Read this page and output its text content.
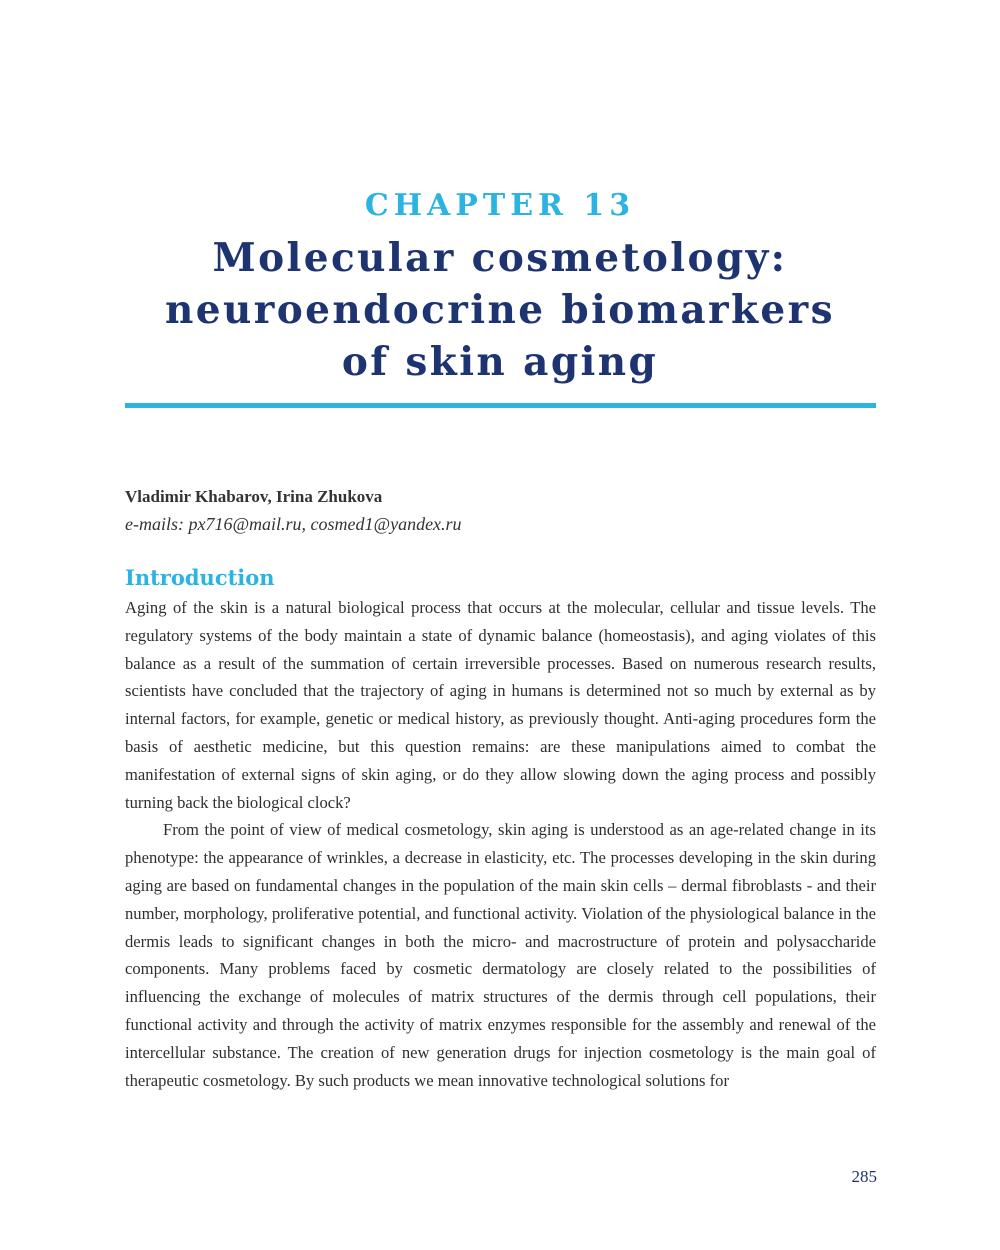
CHAPTER 13
Molecular cosmetology:
neuroendocrine biomarkers
of skin aging
Vladimir Khabarov, Irina Zhukova
e-mails: px716@mail.ru, cosmed1@yandex.ru
Introduction

Aging of the skin is a natural biological process that occurs at the molecular, cellular and tissue levels. The regulatory systems of the body maintain a state of dynamic balance (homeostasis), and aging violates of this balance as a result of the summation of certain irreversible processes. Based on numerous research results, scientists have concluded that the trajectory of aging in humans is determined not so much by external as by internal factors, for example, genetic or medical history, as previously thought. Anti-aging procedures form the basis of aesthetic medicine, but this question remains: are these manipulations aimed to combat the manifestation of external signs of skin aging, or do they allow slowing down the aging process and possibly turning back the biological clock?

From the point of view of medical cosmetology, skin aging is understood as an age-related change in its phenotype: the appearance of wrinkles, a decrease in elasticity, etc. The processes developing in the skin during aging are based on fundamental changes in the population of the main skin cells – dermal fibroblasts - and their number, morphology, proliferative potential, and functional activity. Violation of the physiological balance in the dermis leads to significant changes in both the micro- and macrostructure of protein and polysaccharide components. Many problems faced by cosmetic dermatology are closely related to the possibilities of influencing the exchange of molecules of matrix structures of the dermis through cell populations, their functional activity and through the activity of matrix enzymes responsible for the assembly and renewal of the intercellular substance. The creation of new generation drugs for injection cosmetology is the main goal of therapeutic cosmetology. By such products we mean innovative technological solutions for

285
